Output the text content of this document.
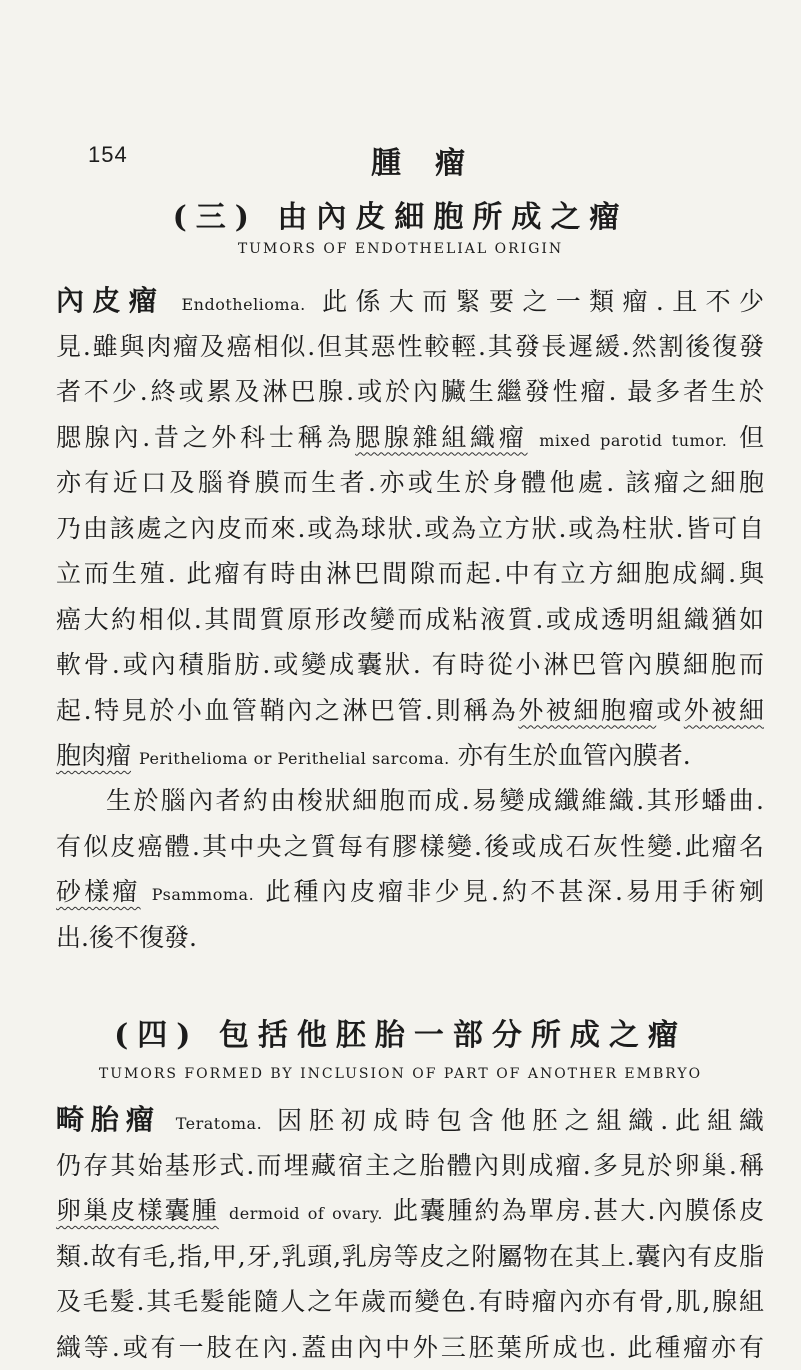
154	腫瘤
(三) 由內皮細胞所成之瘤
TUMORS OF ENDOTHELIAL ORIGIN
內皮瘤 Endothelioma. 此係大而緊要之一類瘤.且不少
見.雖與肉瘤及癌相似.但其惡性較輕.其發長遲緩.然割後復發
者不少.終或累及淋巴腺.或於內臟生繼發性瘤. 最多者生於
腮腺內.昔之外科士稱為腮腺雜組織瘤 mixed parotid tumor. 但
亦有近口及腦脊膜而生者.亦或生於身體他處. 該瘤之細胞
乃由該處之內皮而來.或為球狀.或為立方狀.或為柱狀.皆可自
立而生殖. 此瘤有時由淋巴間隙而起.中有立方細胞成綱.與
癌大約相似.其間質原形改變而成粘液質.或成透明組織猶如
軟骨.或內積脂肪.或變成囊狀. 有時從小淋巴管內膜細胞而
起.特見於小血管鞘內之淋巴管.則稱為外被細胞瘤或外被細
胞肉瘤 Perithelioma or Perithelial sarcoma. 亦有生於血管內膜者.
生於腦內者約由梭狀細胞而成.易變成纖維織.其形蟠曲.
有似皮癌體.其中央之質每有膠樣變.後或成石灰性變.此瘤名
砂樣瘤 Psammoma. 此種內皮瘤非少見.約不甚深.易用手術剜
出.後不復發.
(四) 包括他胚胎一部分所成之瘤
TUMORS FORMED BY INCLUSION OF PART OF ANOTHER EMBRYO
畸胎瘤 Teratoma. 因胚初成時包含他胚之組織.此組織
仍存其始基形式.而埋藏宿主之胎體內則成瘤.多見於卵巢.稱
卵巢皮樣囊腫 dermoid of ovary. 此囊腫約為單房.甚大.內膜係皮
類.故有毛,指,甲,牙,乳頭,乳房等皮之附屬物在其上.囊內有皮脂
及毛髮.其毛髮能隨人之年歲而變色.有時瘤內亦有骨,肌,腺組
織等.或有一肢在內.蓋由內中外三胚葉所成也. 此種瘤亦有
